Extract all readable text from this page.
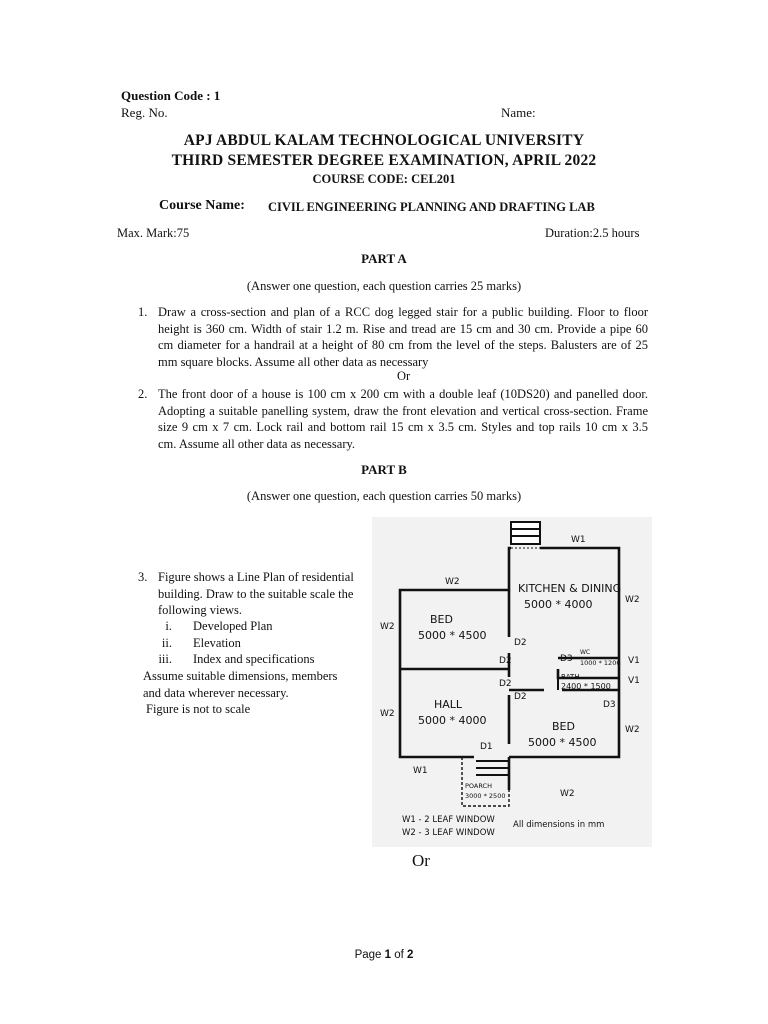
Question Code : 1
Reg. No.	Name:
APJ ABDUL KALAM TECHNOLOGICAL UNIVERSITY
THIRD SEMESTER DEGREE EXAMINATION, APRIL 2022
COURSE CODE: CEL201
Course Name: CIVIL ENGINEERING PLANNING AND DRAFTING LAB
Max. Mark:75	Duration:2.5 hours
PART A
(Answer one question, each question carries 25 marks)
1. Draw a cross-section and plan of a RCC dog legged stair for a public building. Floor to floor
height is 360 cm. Width of stair 1.2 m. Rise and tread are 15 cm and 30 cm. Provide a pipe 60
cm diameter for a handrail at a height of 80 cm from the level of the steps. Balusters are of 25
mm square blocks. Assume all other data as necessary
Or
2. The front door of a house is 100 cm x 200 cm with a double leaf (10DS20) and panelled door.
Adopting a suitable panelling system, draw the front elevation and vertical cross-section. Frame
size 9 cm x 7 cm. Lock rail and bottom rail 15 cm x 3.5 cm. Styles and top rails 10 cm x 3.5
cm. Assume all other data as necessary.
PART B
(Answer one question, each question carries 50 marks)
3. Figure shows a Line Plan of residential
building. Draw to the suitable scale the
following views.
i. Developed Plan
ii. Elevation
iii. Index and specifications
Assume suitable dimensions, members
and data wherever necessary.
Figure is not to scale
KITCHEN & DINING
5000 * 4000
BED
5000 * 4500
HALL
5000 * 4000	BED
5000 * 4500
WC
1000 * 1200
BATH
2400 * 1500
POARCH
3000 * 2500
W1
W2
W2
W2
W2
W2
W1
W2
D2
D2
D2
D2
D3
D3
D1
V1
V1
W1 - 2 LEAF WINDOW
W2 - 3 LEAF WINDOW
All dimensions in mm
Or
Page 1 of 2
